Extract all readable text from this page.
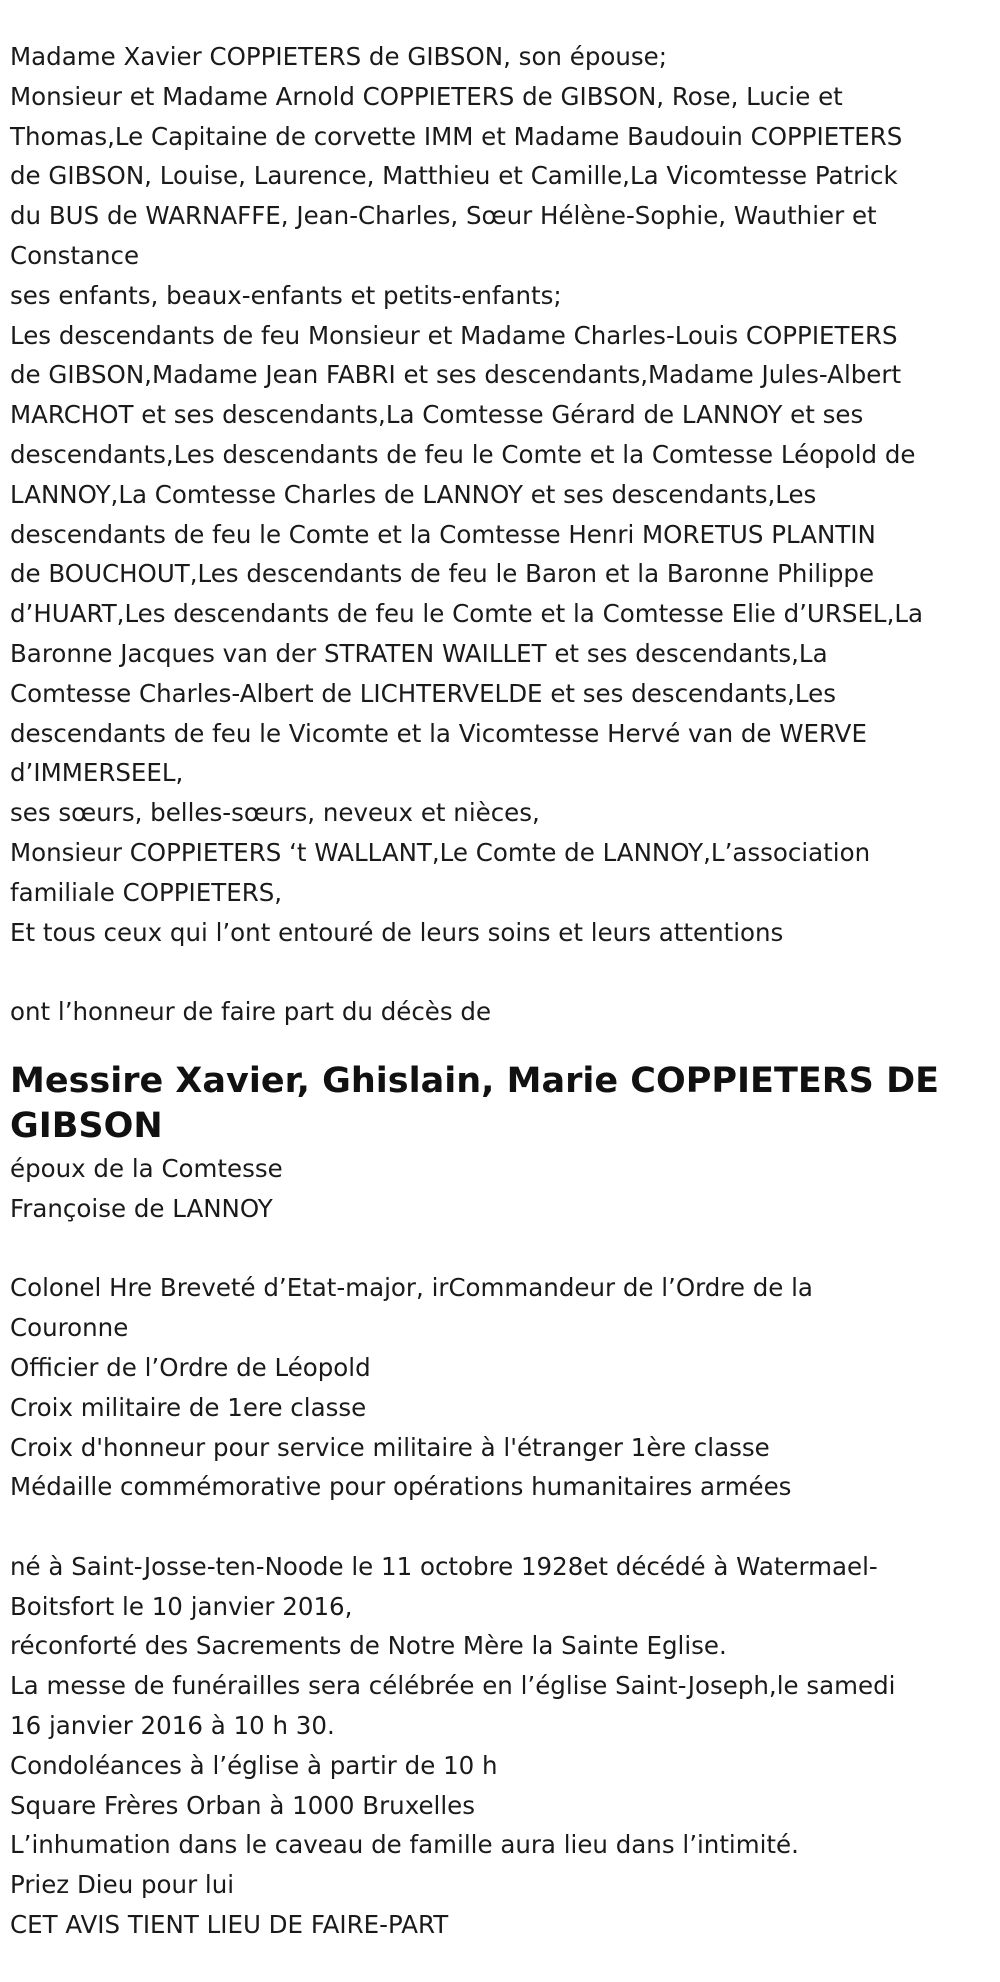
Madame Xavier COPPIETERS de GIBSON, son épouse;
Monsieur et Madame Arnold COPPIETERS de GIBSON, Rose, Lucie et
Thomas,Le Capitaine de corvette IMM et Madame Baudouin COPPIETERS
de GIBSON, Louise, Laurence, Matthieu et Camille,La Vicomtesse Patrick
du BUS de WARNAFFE, Jean-Charles, Sœur Hélène-Sophie, Wauthier et
Constance
ses enfants, beaux-enfants et petits-enfants;
Les descendants de feu Monsieur et Madame Charles-Louis COPPIETERS
de GIBSON,Madame Jean FABRI et ses descendants,Madame Jules-Albert
MARCHOT et ses descendants,La Comtesse Gérard de LANNOY et ses
descendants,Les descendants de feu le Comte et la Comtesse Léopold de
LANNOY,La Comtesse Charles de LANNOY et ses descendants,Les
descendants de feu le Comte et la Comtesse Henri MORETUS PLANTIN
de BOUCHOUT,Les descendants de feu le Baron et la Baronne Philippe
d’HUART,Les descendants de feu le Comte et la Comtesse Elie d’URSEL,La
Baronne Jacques van der STRATEN WAILLET et ses descendants,La
Comtesse Charles-Albert de LICHTERVELDE et ses descendants,Les
descendants de feu le Vicomte et la Vicomtesse Hervé van de WERVE
d’IMMERSEEL,
ses sœurs, belles-sœurs, neveux et nièces,
Monsieur COPPIETERS ‘t WALLANT,Le Comte de LANNOY,L’association
familiale COPPIETERS,
Et tous ceux qui l’ont entouré de leurs soins et leurs attentions
ont l’honneur de faire part du décès de
Messire Xavier, Ghislain, Marie COPPIETERS DE
GIBSON
époux de la Comtesse
Françoise de LANNOY
Colonel Hre Breveté d’Etat-major, irCommandeur de l’Ordre de la
Couronne
Officier de l’Ordre de Léopold
Croix militaire de 1ere classe
Croix d'honneur pour service militaire à l'étranger 1ère classe
Médaille commémorative pour opérations humanitaires armées
né à Saint-Josse-ten-Noode le 11 octobre 1928et décédé à Watermael-
Boitsfort le 10 janvier 2016,
réconforté des Sacrements de Notre Mère la Sainte Eglise.
La messe de funérailles sera célébrée en l’église Saint-Joseph,le samedi
16 janvier 2016 à 10 h 30.
Condoléances à l’église à partir de 10 h
Square Frères Orban à 1000 Bruxelles
L’inhumation dans le caveau de famille aura lieu dans l’intimité.
Priez Dieu pour lui
CET AVIS TIENT LIEU DE FAIRE-PART
